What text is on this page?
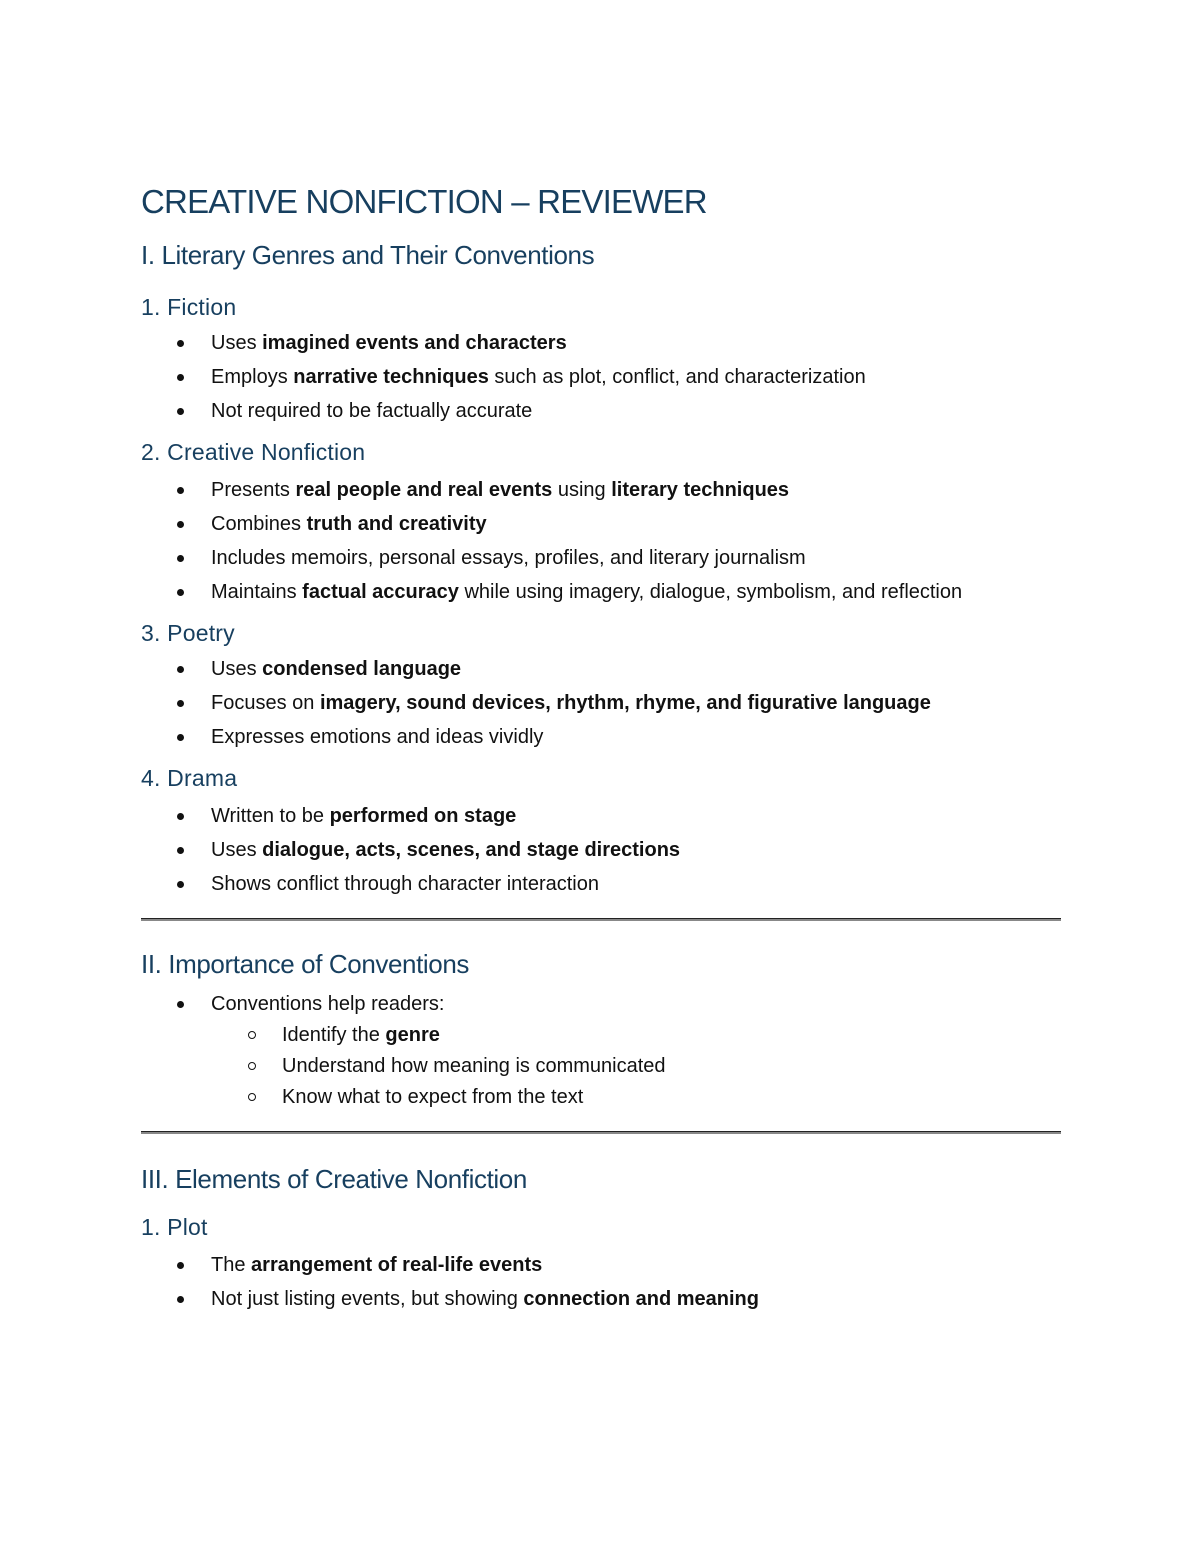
CREATIVE NONFICTION – REVIEWER
I. Literary Genres and Their Conventions
1. Fiction
Uses imagined events and characters
Employs narrative techniques such as plot, conflict, and characterization
Not required to be factually accurate
2. Creative Nonfiction
Presents real people and real events using literary techniques
Combines truth and creativity
Includes memoirs, personal essays, profiles, and literary journalism
Maintains factual accuracy while using imagery, dialogue, symbolism, and reflection
3. Poetry
Uses condensed language
Focuses on imagery, sound devices, rhythm, rhyme, and figurative language
Expresses emotions and ideas vividly
4. Drama
Written to be performed on stage
Uses dialogue, acts, scenes, and stage directions
Shows conflict through character interaction
II. Importance of Conventions
Conventions help readers:
Identify the genre
Understand how meaning is communicated
Know what to expect from the text
III. Elements of Creative Nonfiction
1. Plot
The arrangement of real-life events
Not just listing events, but showing connection and meaning
